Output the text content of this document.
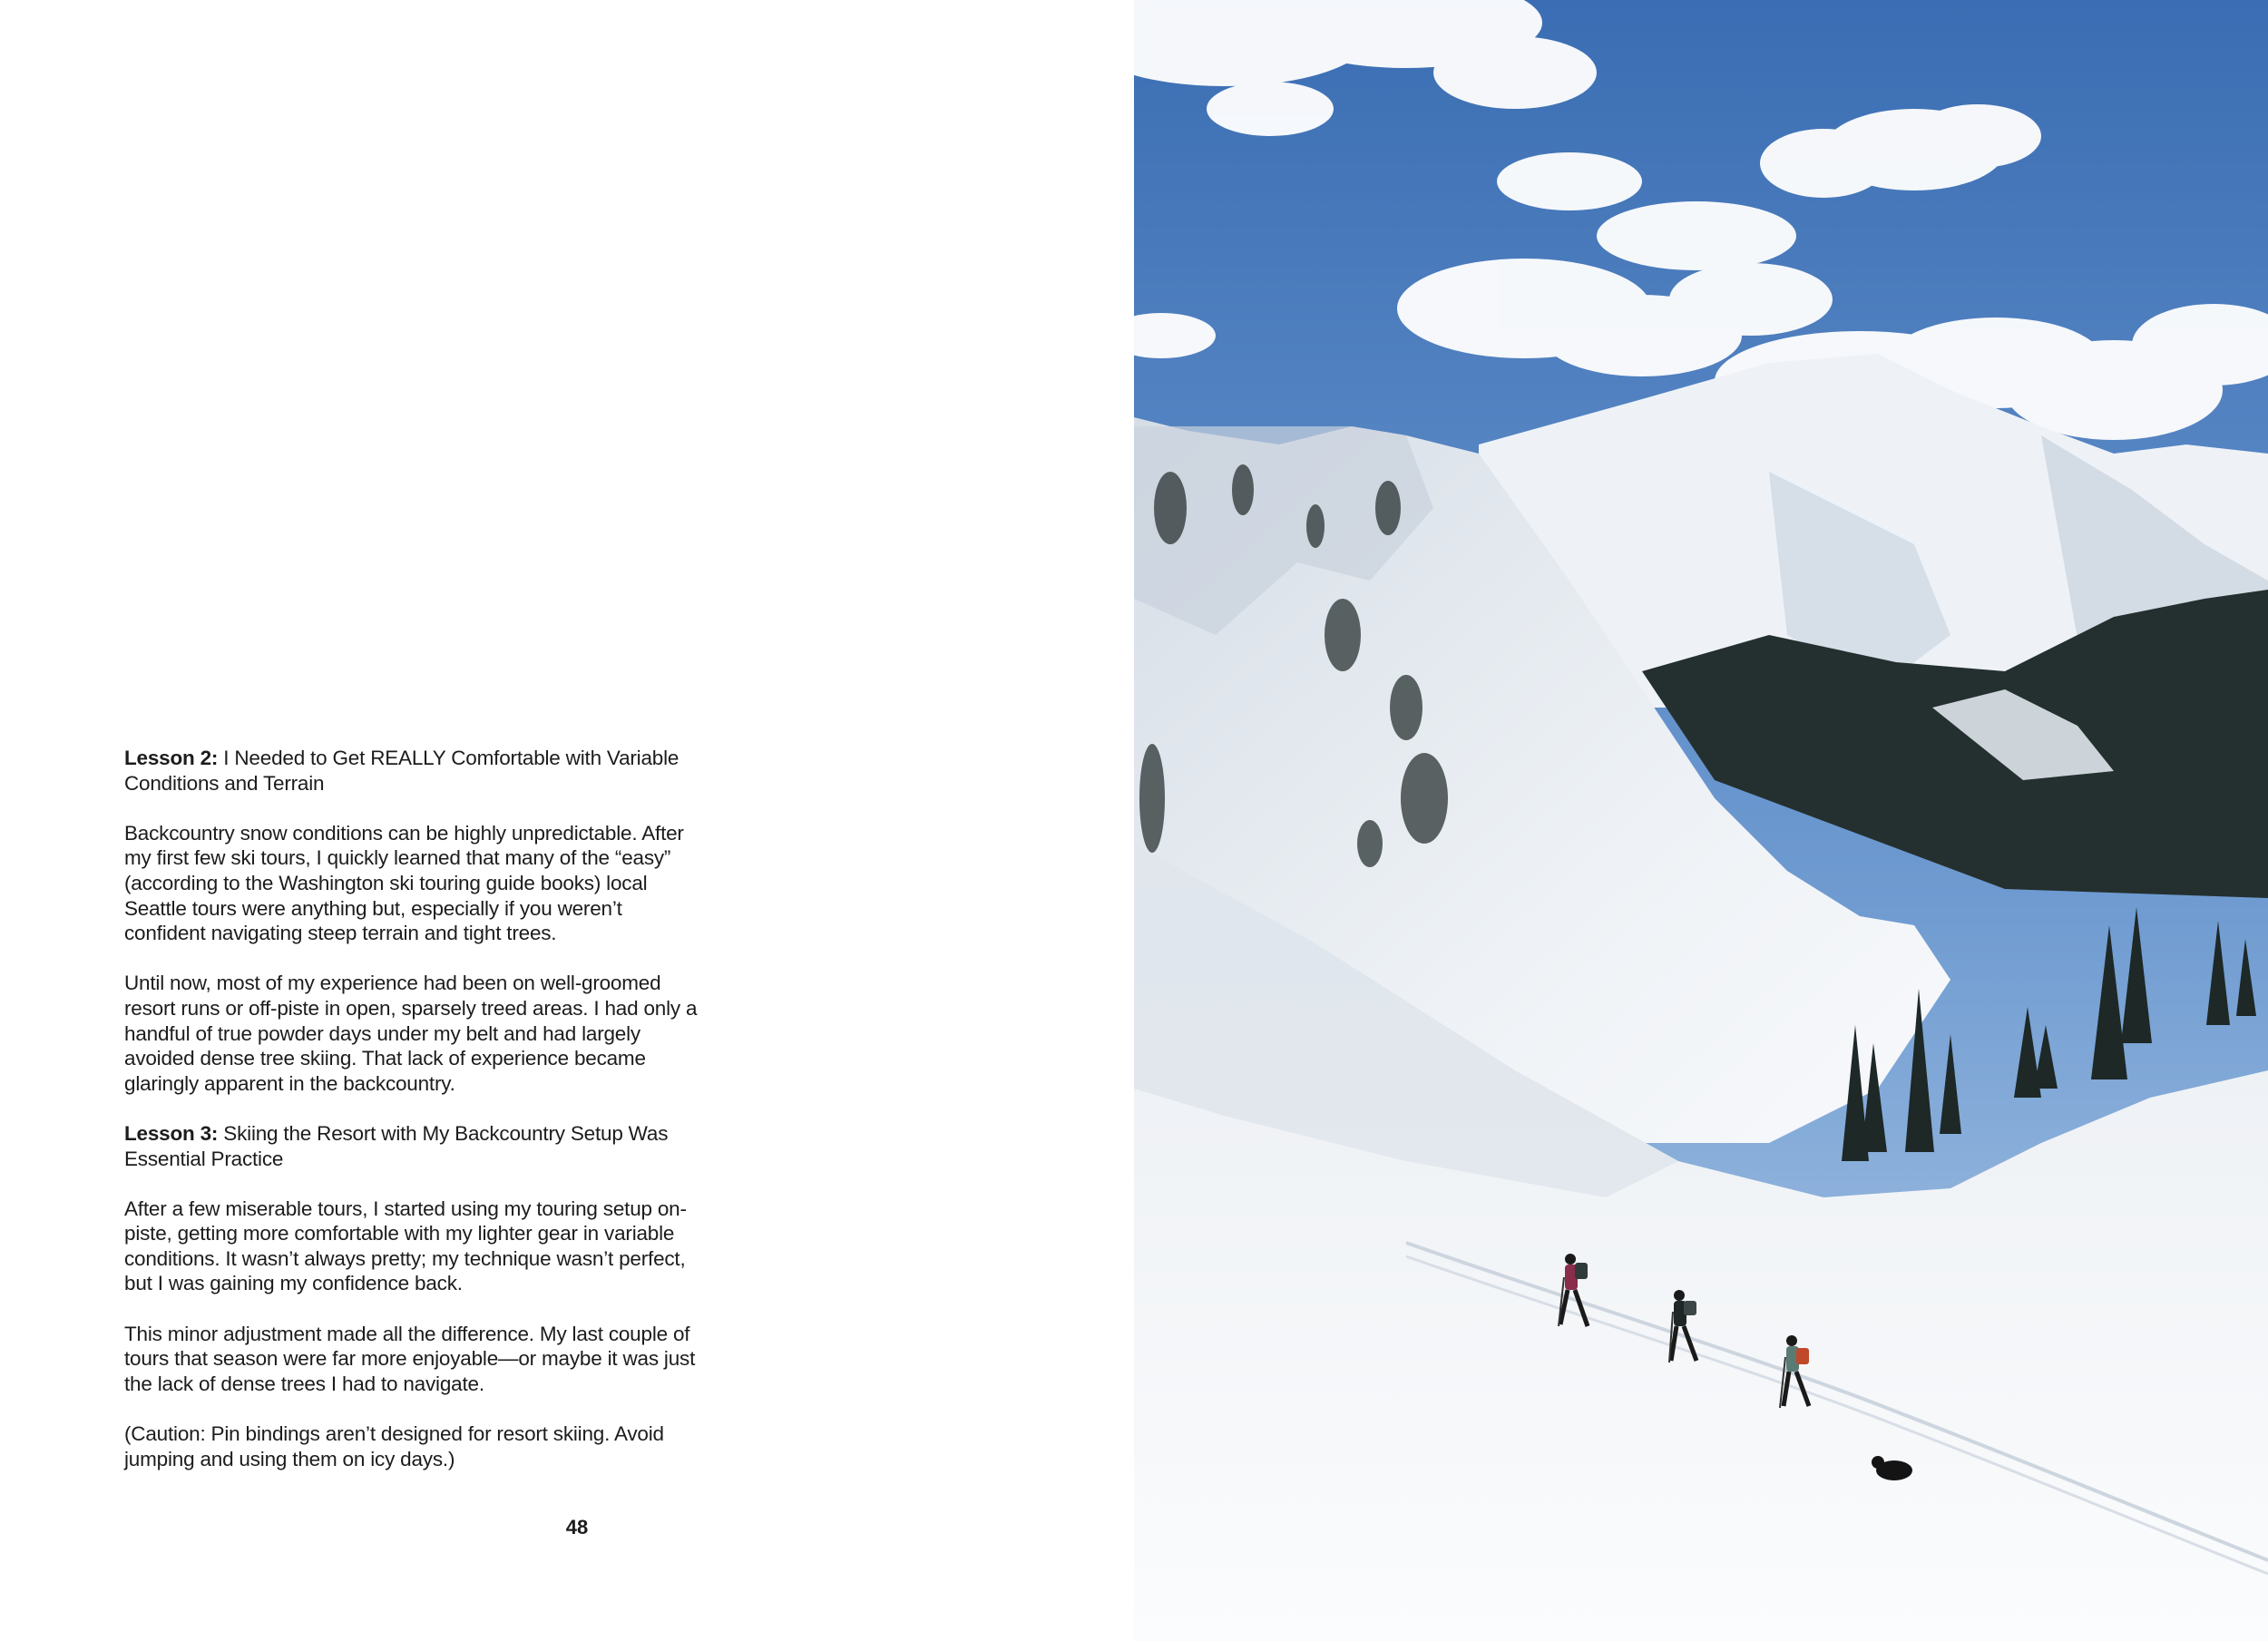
Lesson 2: I Needed to Get REALLY Comfortable with Variable Conditions and Terrain

Backcountry snow conditions can be highly unpredictable. After my first few ski tours, I quickly learned that many of the “easy” (according to the Washington ski touring guide books) local Seattle tours were anything but, especially if you weren’t confident navigating steep terrain and tight trees.

Until now, most of my experience had been on well-groomed resort runs or off-piste in open, sparsely treed areas. I had only a handful of true powder days under my belt and had largely avoided dense tree skiing. That lack of experience became glaringly apparent in the backcountry.

Lesson 3: Skiing the Resort with My Backcountry Setup Was Essential Practice

After a few miserable tours, I started using my touring setup on-piste, getting more comfortable with my lighter gear in variable conditions. It wasn’t always pretty; my technique wasn’t perfect, but I was gaining my confidence back.

This minor adjustment made all the difference. My last couple of tours that season were far more enjoyable—or maybe it was just the lack of dense trees I had to navigate.

(Caution: Pin bindings aren’t designed for resort skiing. Avoid jumping and using them on icy days.)

48
